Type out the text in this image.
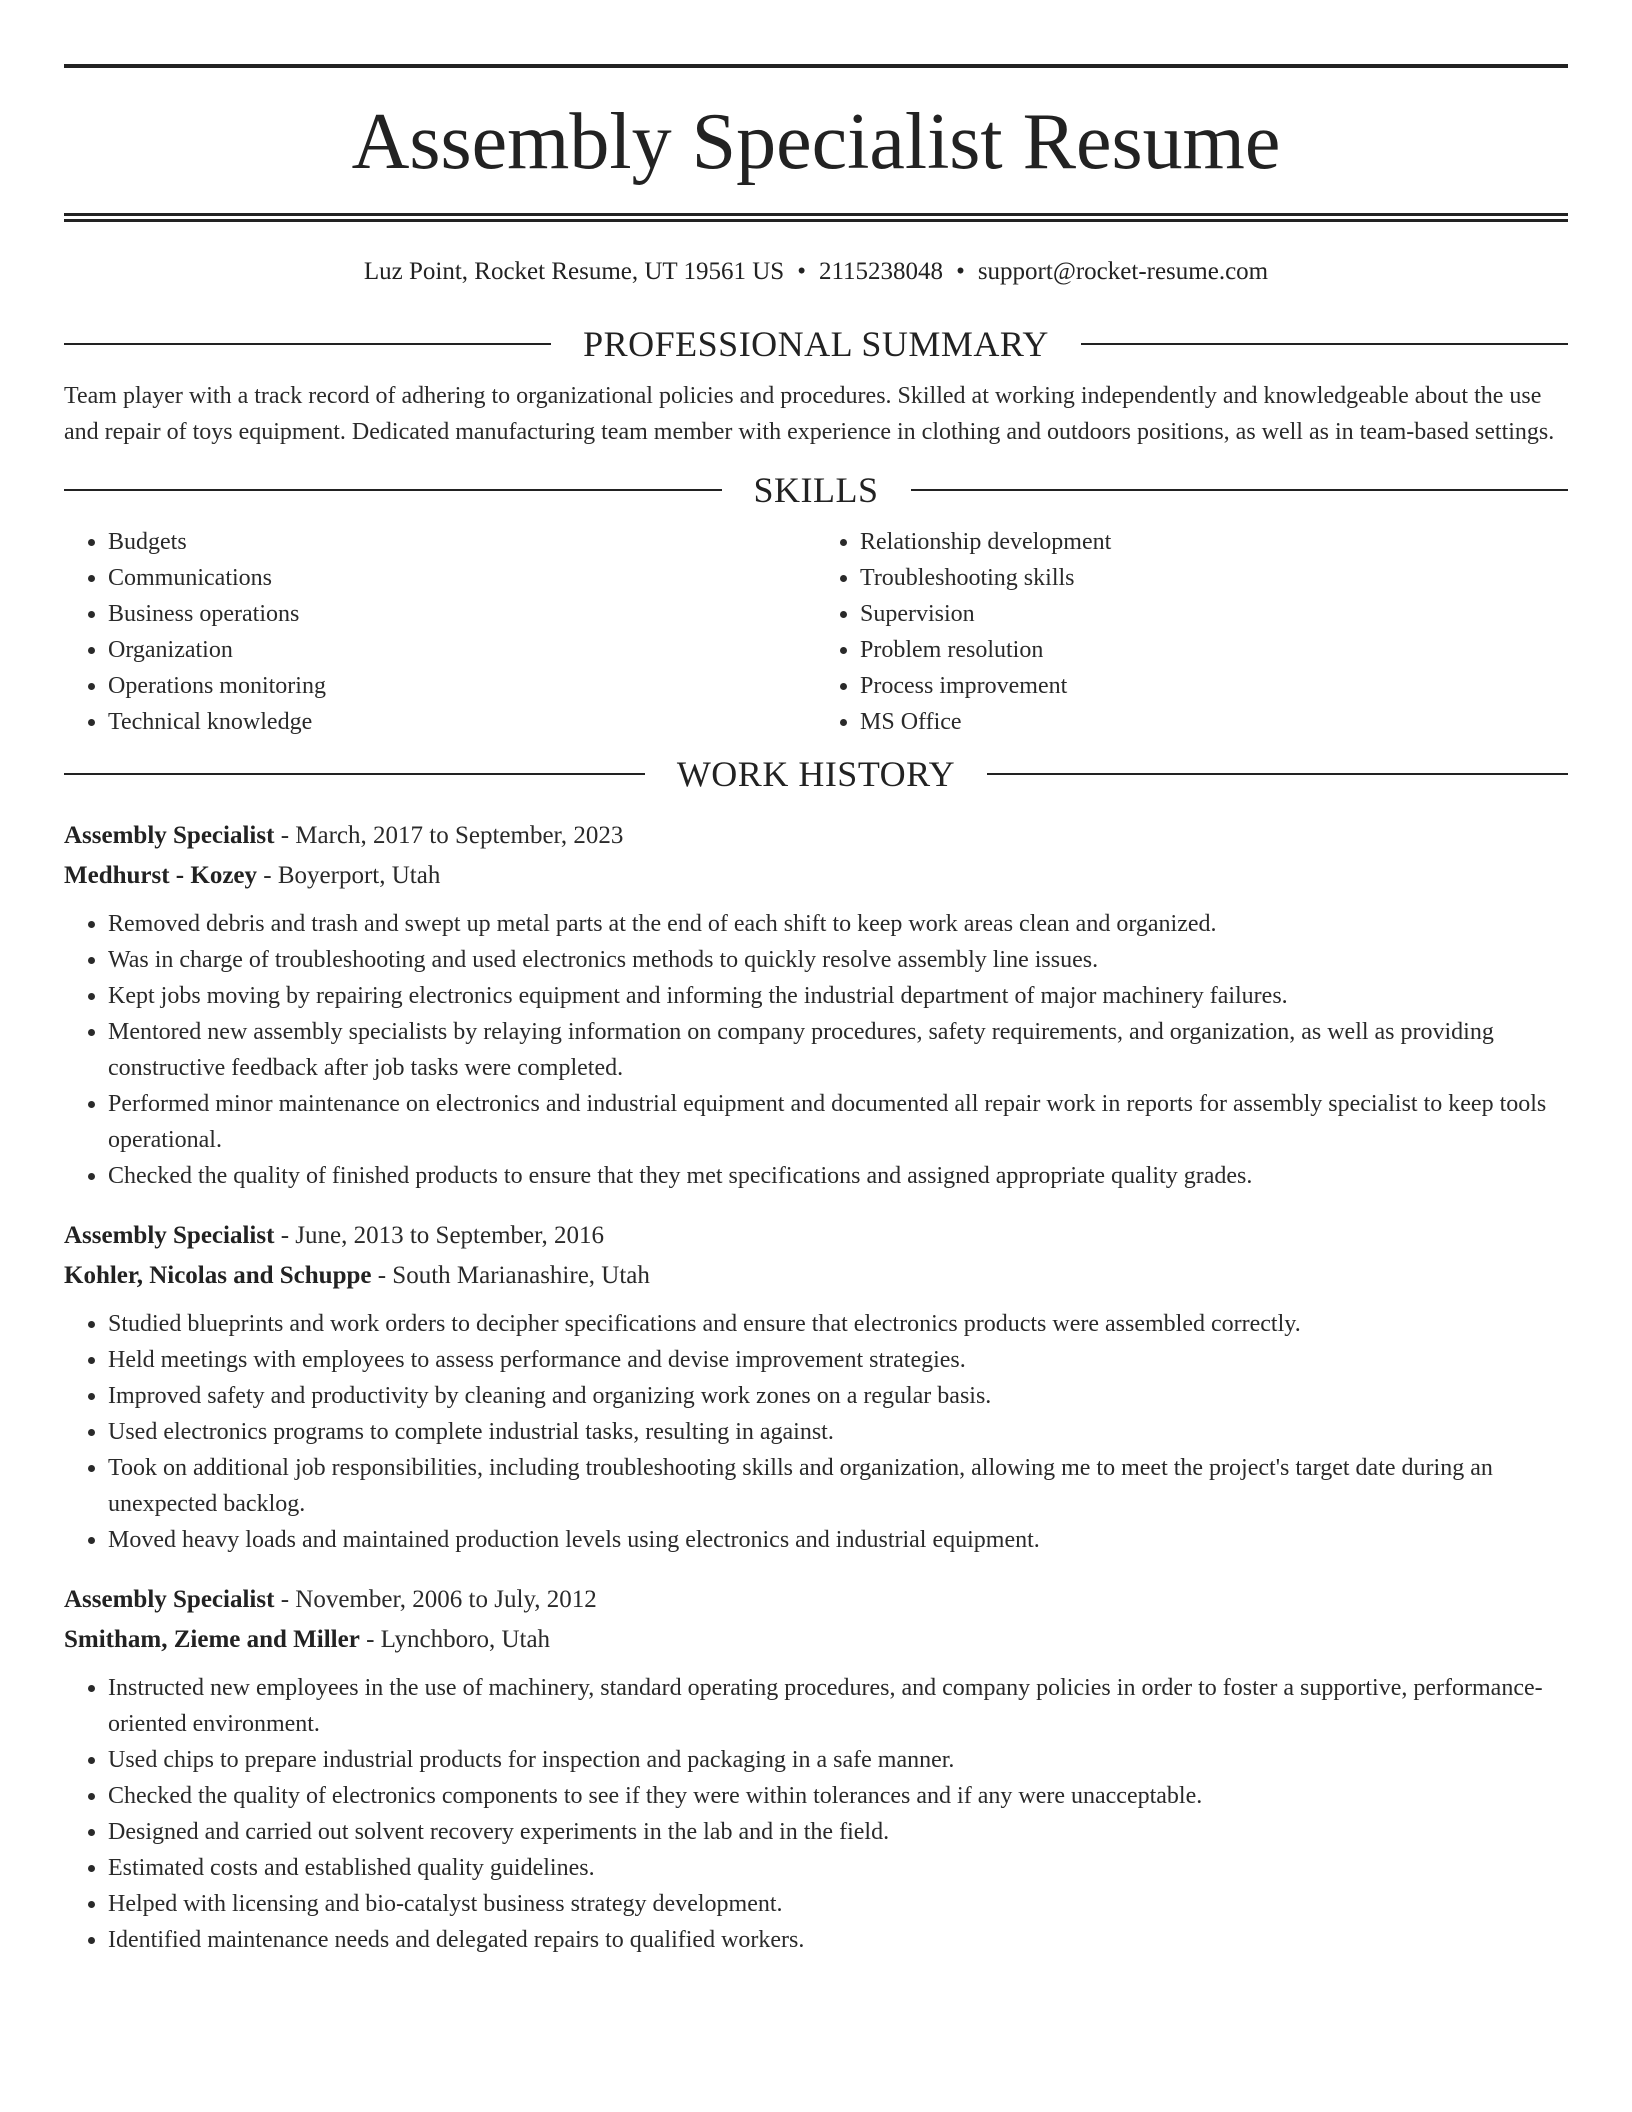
Assembly Specialist Resume
Luz Point, Rocket Resume, UT 19561 US • 2115238048 • support@rocket-resume.com
PROFESSIONAL SUMMARY

Team player with a track record of adhering to organizational policies and procedures. Skilled at working independently and knowledgeable about the use and repair of toys equipment. Dedicated manufacturing team member with experience in clothing and outdoors positions, as well as in team-based settings.

SKILLS
• Budgets
• Communications
• Business operations
• Organization
• Operations monitoring
• Technical knowledge
• Relationship development
• Troubleshooting skills
• Supervision
• Problem resolution
• Process improvement
• MS Office
WORK HISTORY
Assembly Specialist - March, 2017 to September, 2023
Medhurst - Kozey - Boyerport, Utah
• Removed debris and trash and swept up metal parts at the end of each shift to keep work areas clean and organized.
• Was in charge of troubleshooting and used electronics methods to quickly resolve assembly line issues.
• Kept jobs moving by repairing electronics equipment and informing the industrial department of major machinery failures.
• Mentored new assembly specialists by relaying information on company procedures, safety requirements, and organization, as well as providing constructive feedback after job tasks were completed.
• Performed minor maintenance on electronics and industrial equipment and documented all repair work in reports for assembly specialist to keep tools operational.
• Checked the quality of finished products to ensure that they met specifications and assigned appropriate quality grades.
Assembly Specialist - June, 2013 to September, 2016
Kohler, Nicolas and Schuppe - South Marianashire, Utah
• Studied blueprints and work orders to decipher specifications and ensure that electronics products were assembled correctly.
• Held meetings with employees to assess performance and devise improvement strategies.
• Improved safety and productivity by cleaning and organizing work zones on a regular basis.
• Used electronics programs to complete industrial tasks, resulting in against.
• Took on additional job responsibilities, including troubleshooting skills and organization, allowing me to meet the project's target date during an unexpected backlog.
• Moved heavy loads and maintained production levels using electronics and industrial equipment.
Assembly Specialist - November, 2006 to July, 2012
Smitham, Zieme and Miller - Lynchboro, Utah
• Instructed new employees in the use of machinery, standard operating procedures, and company policies in order to foster a supportive, performance-oriented environment.
• Used chips to prepare industrial products for inspection and packaging in a safe manner.
• Checked the quality of electronics components to see if they were within tolerances and if any were unacceptable.
• Designed and carried out solvent recovery experiments in the lab and in the field.
• Estimated costs and established quality guidelines.
• Helped with licensing and bio-catalyst business strategy development.
• Identified maintenance needs and delegated repairs to qualified workers.
